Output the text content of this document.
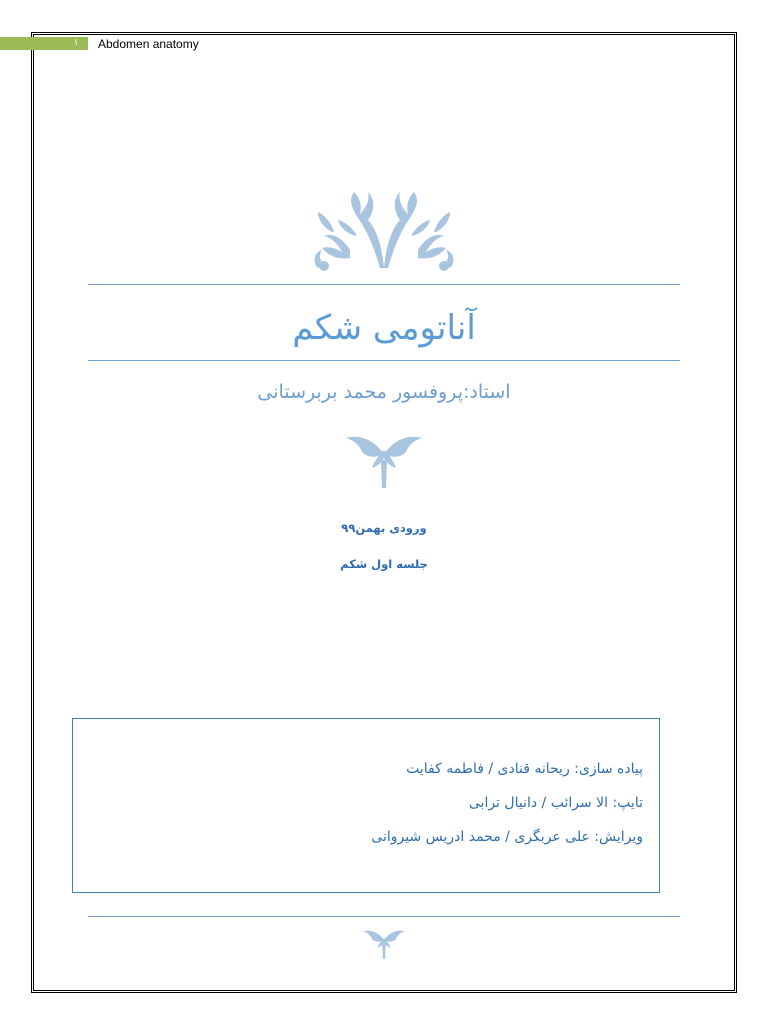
۱ Abdomen anatomy
آناتومی شکم
استاد:پروفسور محمد بربرستانی
ورودی بهمن۹۹
جلسه اول شکم
پیاده سازی: ریحانه قنادی / فاطمه کفایت
تایپ: الا سرائب / دانیال ترابی
ویرایش: علی عربگری / محمد ادریس شیروانی
